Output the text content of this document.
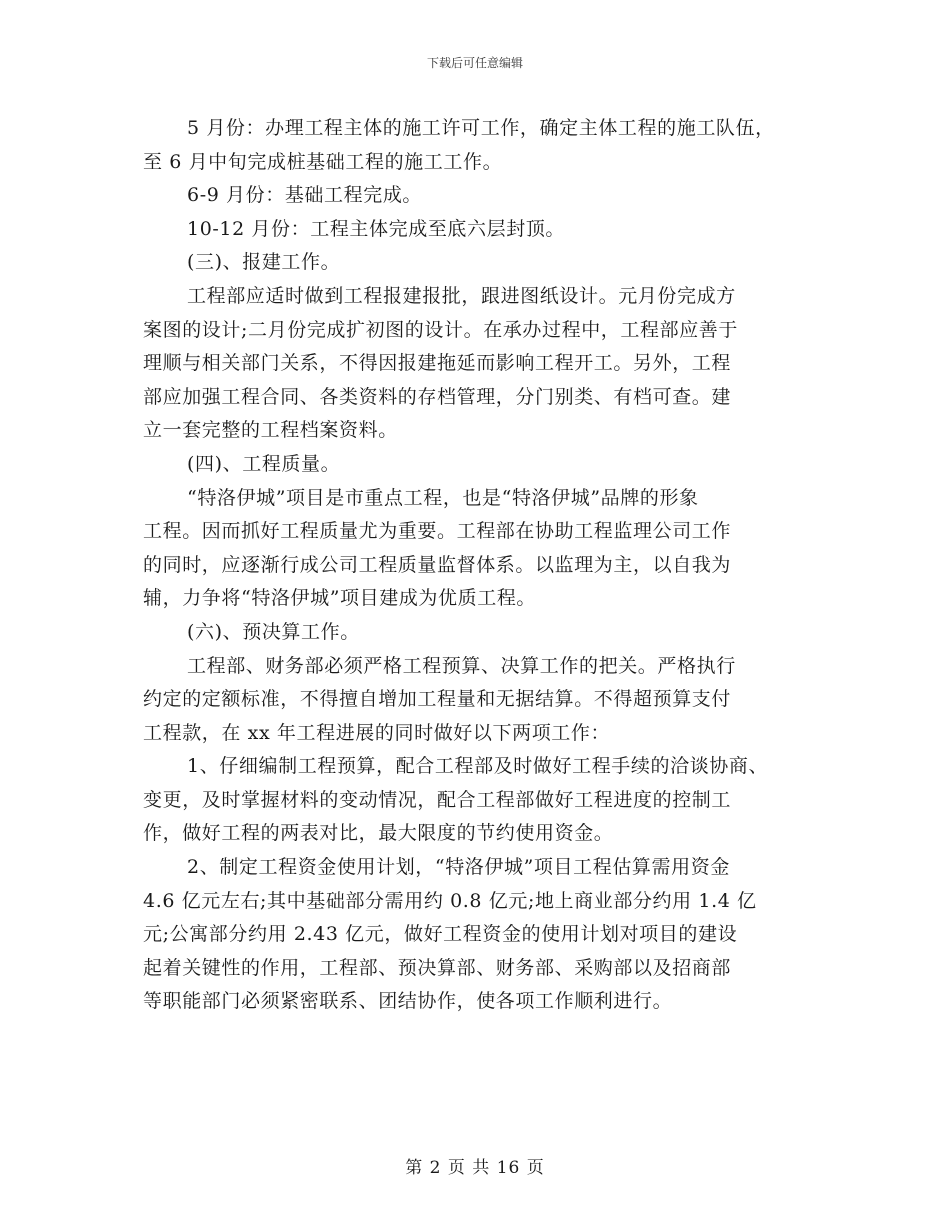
下载后可任意编辑
5 月份：办理工程主体的施工许可工作，确定主体工程的施工队伍，
至 6 月中旬完成桩基础工程的施工工作。
6-9 月份：基础工程完成。
10-12 月份：工程主体完成至底六层封顶。
(三)、报建工作。
工程部应适时做到工程报建报批，跟进图纸设计。元月份完成方
案图的设计;二月份完成扩初图的设计。在承办过程中，工程部应善于
理顺与相关部门关系，不得因报建拖延而影响工程开工。另外，工程
部应加强工程合同、各类资料的存档管理，分门别类、有档可查。建
立一套完整的工程档案资料。
(四)、工程质量。
“特洛伊城”项目是市重点工程，也是“特洛伊城”品牌的形象
工程。因而抓好工程质量尤为重要。工程部在协助工程监理公司工作
的同时，应逐渐行成公司工程质量监督体系。以监理为主，以自我为
辅，力争将“特洛伊城”项目建成为优质工程。
(六)、预决算工作。
工程部、财务部必须严格工程预算、决算工作的把关。严格执行
约定的定额标准，不得擅自增加工程量和无据结算。不得超预算支付
工程款，在 xx 年工程进展的同时做好以下两项工作：
1、仔细编制工程预算，配合工程部及时做好工程手续的洽谈协商、
变更，及时掌握材料的变动情况，配合工程部做好工程进度的控制工
作，做好工程的两表对比，最大限度的节约使用资金。
2、制定工程资金使用计划，“特洛伊城”项目工程估算需用资金
4.6 亿元左右;其中基础部分需用约 0.8 亿元;地上商业部分约用 1.4 亿
元;公寓部分约用 2.43 亿元，做好工程资金的使用计划对项目的建设
起着关键性的作用，工程部、预决算部、财务部、采购部以及招商部
等职能部门必须紧密联系、团结协作，使各项工作顺利进行。
第 2 页 共 16 页
